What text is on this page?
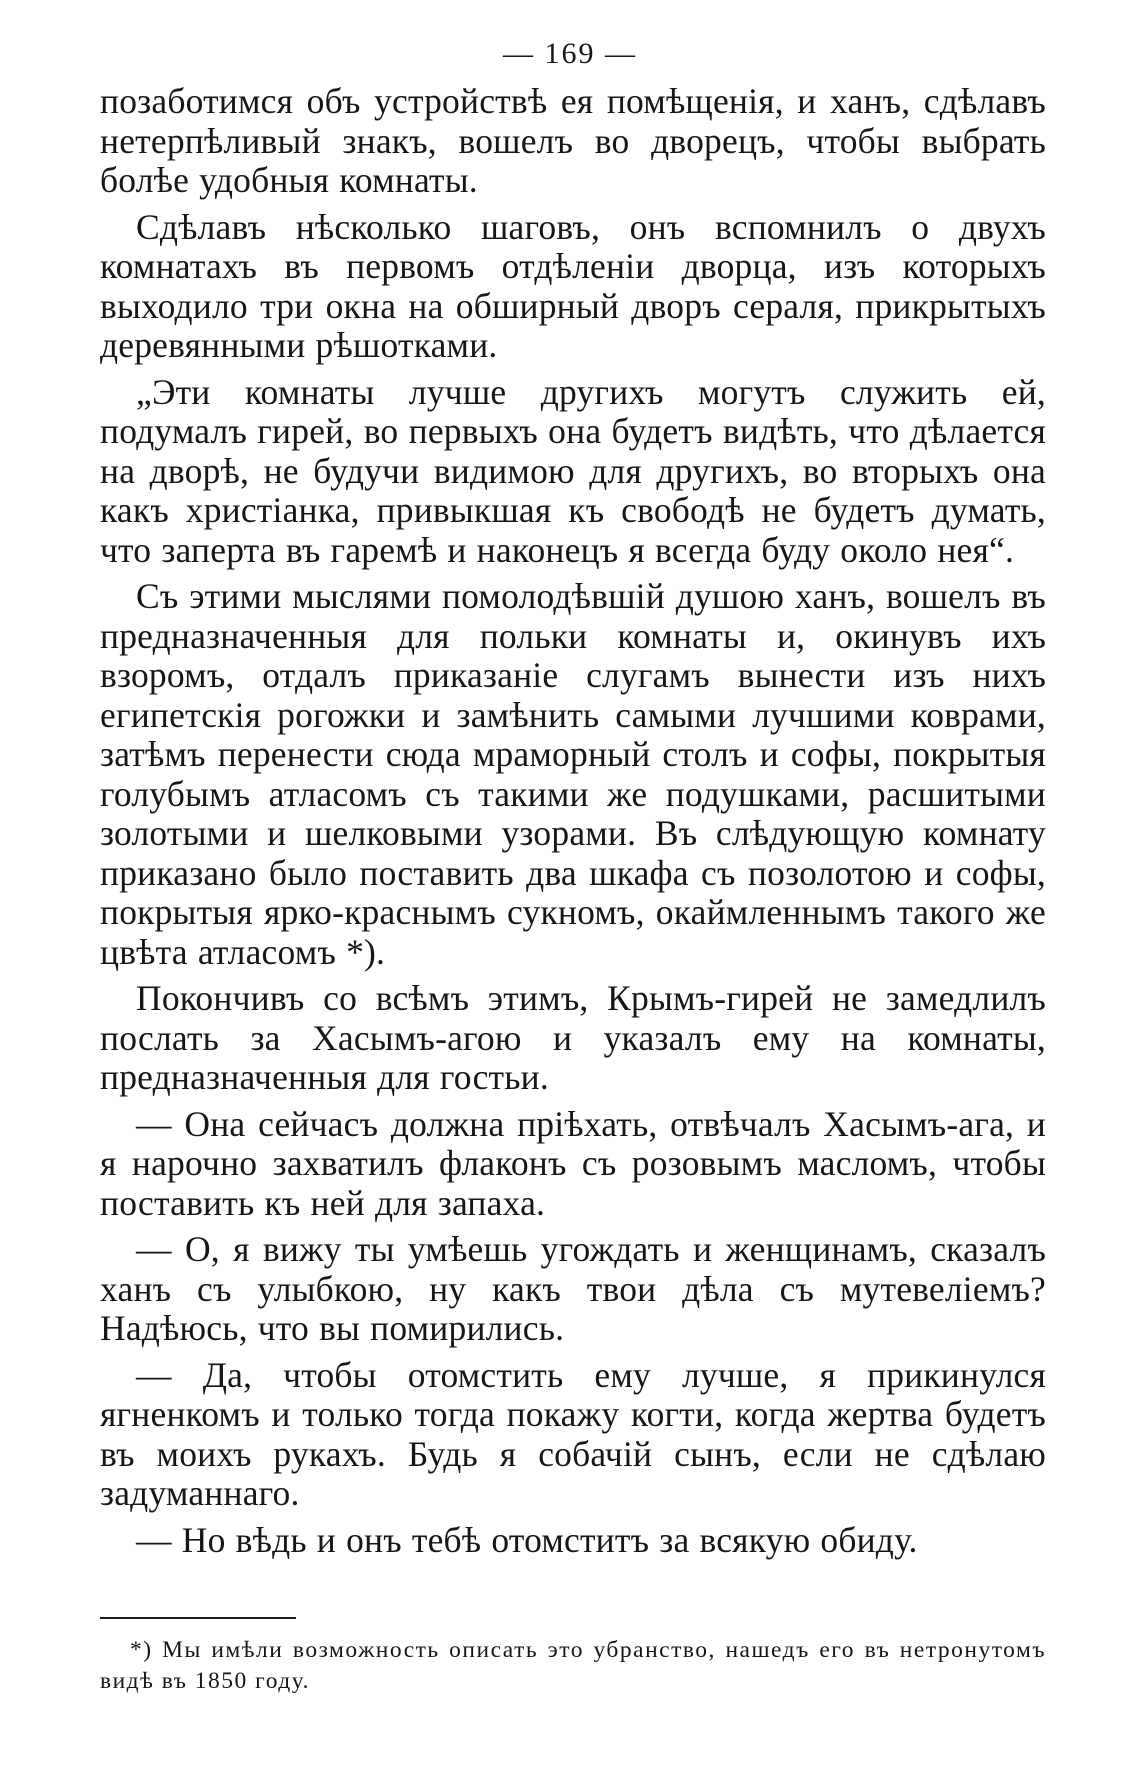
— 169 —

позаботимся объ устройствѣ ея помѣщенія, и ханъ, сдѣлавъ нетерпѣливый знакъ, вошелъ во дворецъ, чтобы выбрать болѣе удобныя комнаты.

Сдѣлавъ нѣсколько шаговъ, онъ вспомнилъ о двухъ комнатахъ въ первомъ отдѣленіи дворца, изъ которыхъ выходило три окна на обширный дворъ сераля, прикрытыхъ деревянными рѣшотками.

„Эти комнаты лучше другихъ могутъ служить ей, подумалъ гирей, во первыхъ она будетъ видѣть, что дѣлается на дворѣ, не будучи видимою для другихъ, во вторыхъ она какъ христіанка, привыкшая къ свободѣ не будетъ думать, что заперта въ гаремѣ и наконецъ я всегда буду около нея“.

Съ этими мыслями помолодѣвшій душою ханъ, вошелъ въ предназначенныя для польки комнаты и, окинувъ ихъ взоромъ, отдалъ приказаніе слугамъ вынести изъ нихъ египетскія рогожки и замѣнить самыми лучшими коврами, затѣмъ перенести сюда мраморный столъ и софы, покрытыя голубымъ атласомъ съ такими же подушками, расшитыми золотыми и шелковыми узорами. Въ слѣдующую комнату приказано было поставить два шкафа съ позолотою и софы, покрытыя ярко-краснымъ сукномъ, окаймленнымъ такого же цвѣта атласомъ *).

Покончивъ со всѣмъ этимъ, Крымъ-гирей не замедлилъ послать за Хасымъ-агою и указалъ ему на комнаты, предназначенныя для гостьи.

— Она сейчасъ должна пріѣхать, отвѣчалъ Хасымъ-ага, и я нарочно захватилъ флаконъ съ розовымъ масломъ, чтобы поставить къ ней для запаха.

— О, я вижу ты умѣешь угождать и женщинамъ, сказалъ ханъ съ улыбкою, ну какъ твои дѣла съ мутевеліемъ? Надѣюсь, что вы помирились.

— Да, чтобы отомстить ему лучше, я прикинулся ягненкомъ и только тогда покажу когти, когда жертва будетъ въ моихъ рукахъ. Будь я собачій сынъ, если не сдѣлаю задуманнаго.

— Но вѣдь и онъ тебѣ отомститъ за всякую обиду.

*) Мы имѣли возможность описать это убранство, нашедъ его въ нетронутомъ видѣ въ 1850 году.
